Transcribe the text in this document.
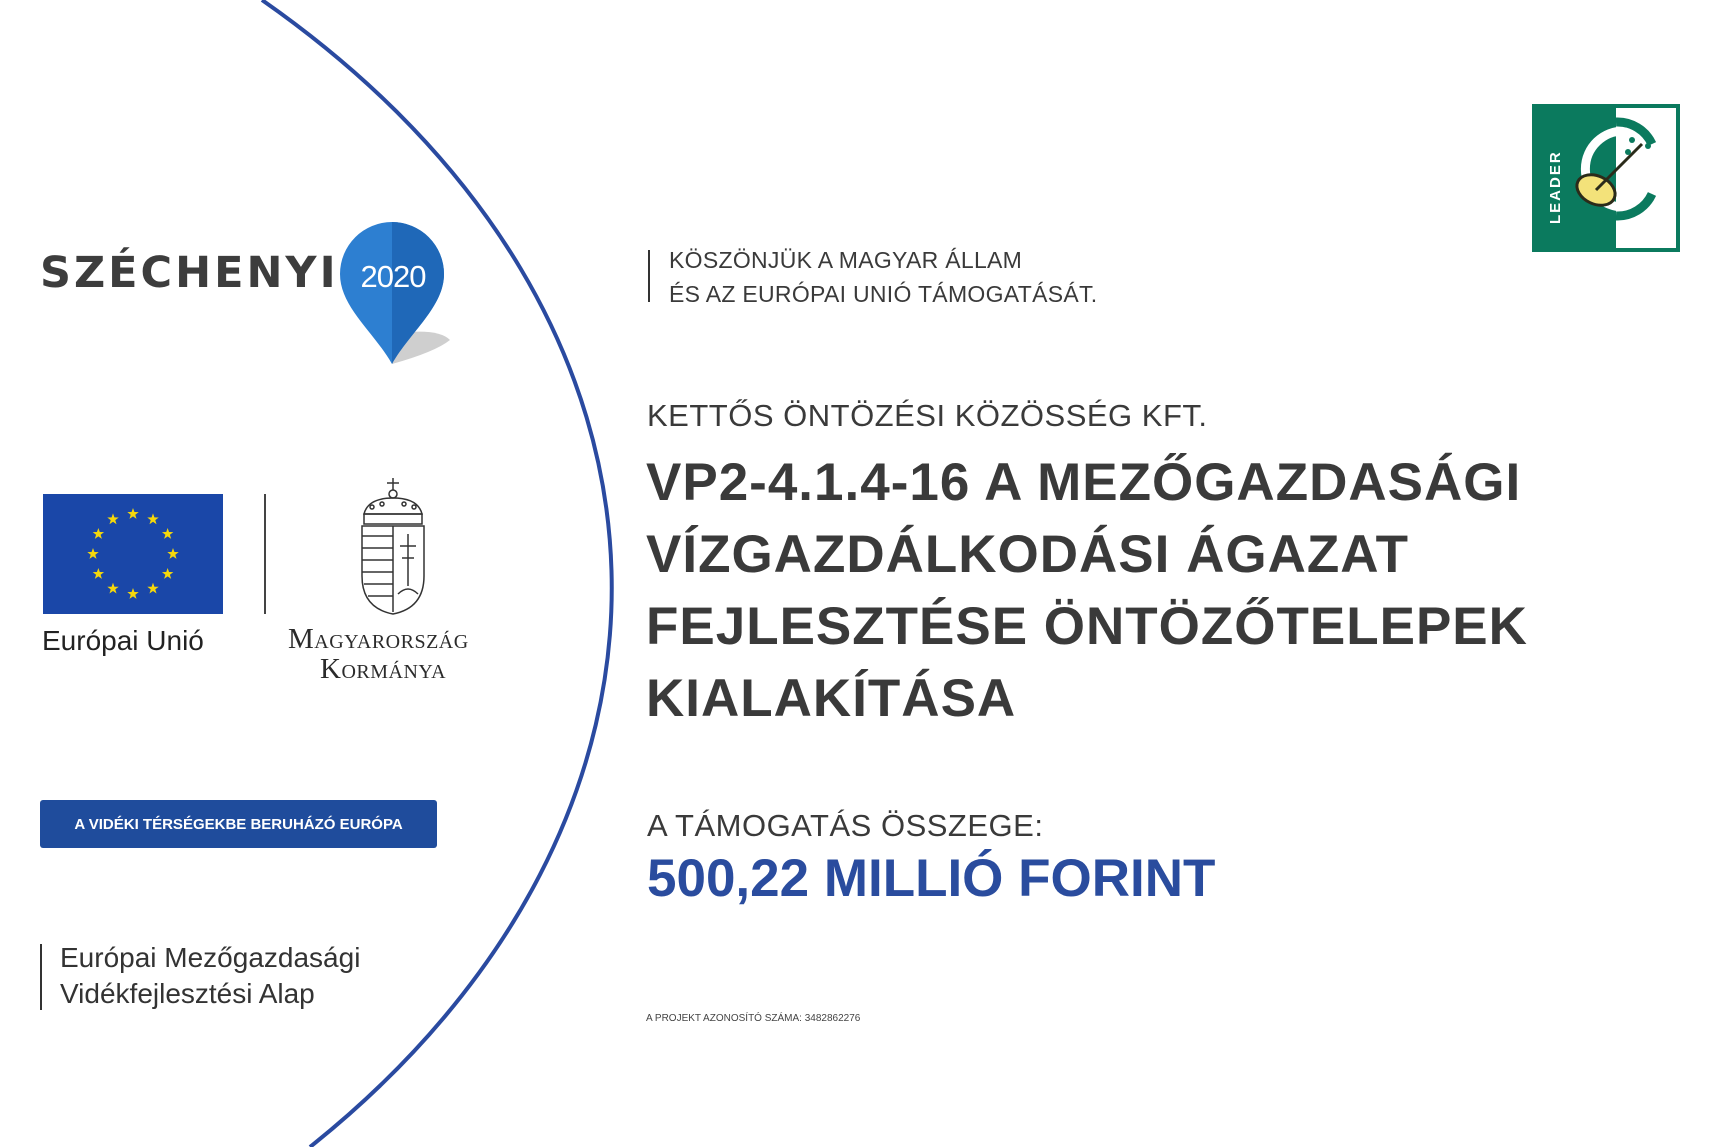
SZÉCHENYI 2020
Európai Unió	Magyarország
Kormánya
A VIDÉKI TÉRSÉGEKBE BERUHÁZÓ EURÓPA
Európai Mezőgazdasági
Vidékfejlesztési Alap
LEADER
KÖSZÖNJÜK A MAGYAR ÁLLAM
ÉS AZ EURÓPAI UNIÓ TÁMOGATÁSÁT.
KETTŐS ÖNTÖZÉSI KÖZÖSSÉG KFT.
VP2-4.1.4-16 A MEZŐGAZDASÁGI
VÍZGAZDÁLKODÁSI ÁGAZAT
FEJLESZTÉSE ÖNTÖZŐTELEPEK
KIALAKÍTÁSA
A TÁMOGATÁS ÖSSZEGE:
500,22 MILLIÓ FORINT
A PROJEKT AZONOSÍTÓ SZÁMA: 3482862276
